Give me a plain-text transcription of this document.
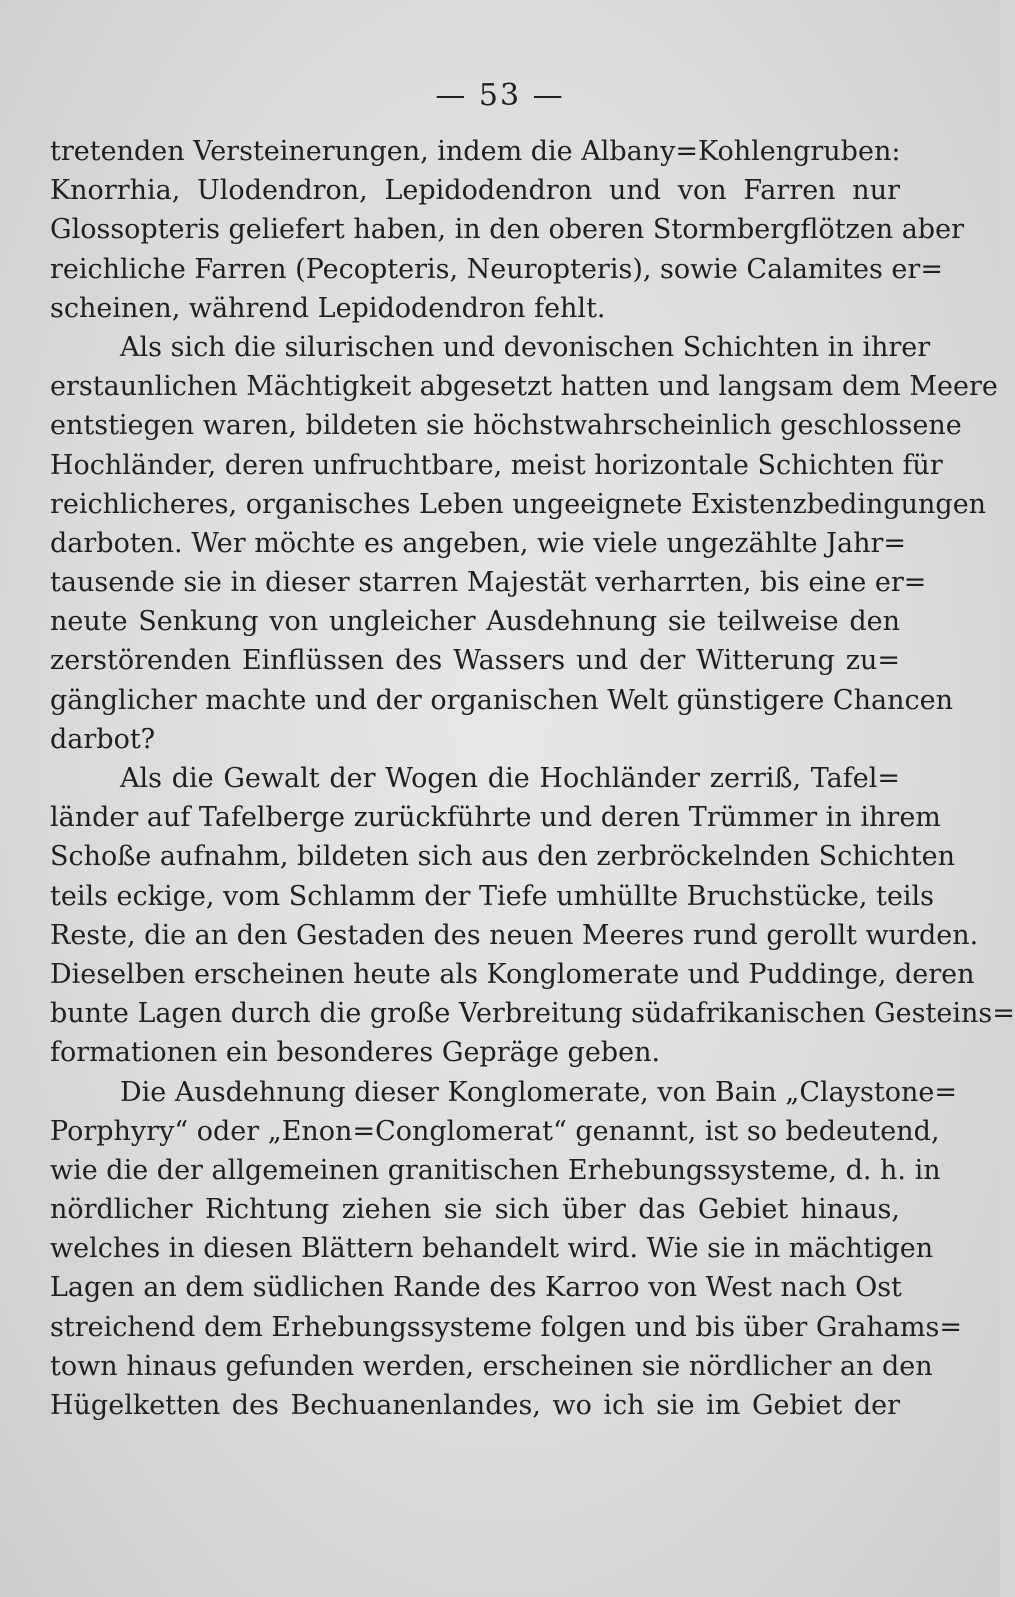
— 53 —
tretenden Versteinerungen, indem die Albany=Kohlengruben:
Knorrhia, Ulodendron, Lepidodendron und von Farren nur
Glossopteris geliefert haben, in den oberen Stormbergflötzen aber
reichliche Farren (Pecopteris, Neuropteris), sowie Calamites er=
scheinen, während Lepidodendron fehlt.
Als sich die silurischen und devonischen Schichten in ihrer
erstaunlichen Mächtigkeit abgesetzt hatten und langsam dem Meere
entstiegen waren, bildeten sie höchstwahrscheinlich geschlossene
Hochländer, deren unfruchtbare, meist horizontale Schichten für
reichlicheres, organisches Leben ungeeignete Existenzbedingungen
darboten. Wer möchte es angeben, wie viele ungezählte Jahr=
tausende sie in dieser starren Majestät verharrten, bis eine er=
neute Senkung von ungleicher Ausdehnung sie teilweise den
zerstörenden Einflüssen des Wassers und der Witterung zu=
gänglicher machte und der organischen Welt günstigere Chancen
darbot?
Als die Gewalt der Wogen die Hochländer zerriß, Tafel=
länder auf Tafelberge zurückführte und deren Trümmer in ihrem
Schoße aufnahm, bildeten sich aus den zerbröckelnden Schichten
teils eckige, vom Schlamm der Tiefe umhüllte Bruchstücke, teils
Reste, die an den Gestaden des neuen Meeres rund gerollt wurden.
Dieselben erscheinen heute als Konglomerate und Puddinge, deren
bunte Lagen durch die große Verbreitung südafrikanischen Gesteins=
formationen ein besonderes Gepräge geben.
Die Ausdehnung dieser Konglomerate, von Bain „Claystone=
Porphyry“ oder „Enon=Conglomerat“ genannt, ist so bedeutend,
wie die der allgemeinen granitischen Erhebungssysteme, d. h. in
nördlicher Richtung ziehen sie sich über das Gebiet hinaus,
welches in diesen Blättern behandelt wird. Wie sie in mächtigen
Lagen an dem südlichen Rande des Karroo von West nach Ost
streichend dem Erhebungssysteme folgen und bis über Grahams=
town hinaus gefunden werden, erscheinen sie nördlicher an den
Hügelketten des Bechuanenlandes, wo ich sie im Gebiet der
